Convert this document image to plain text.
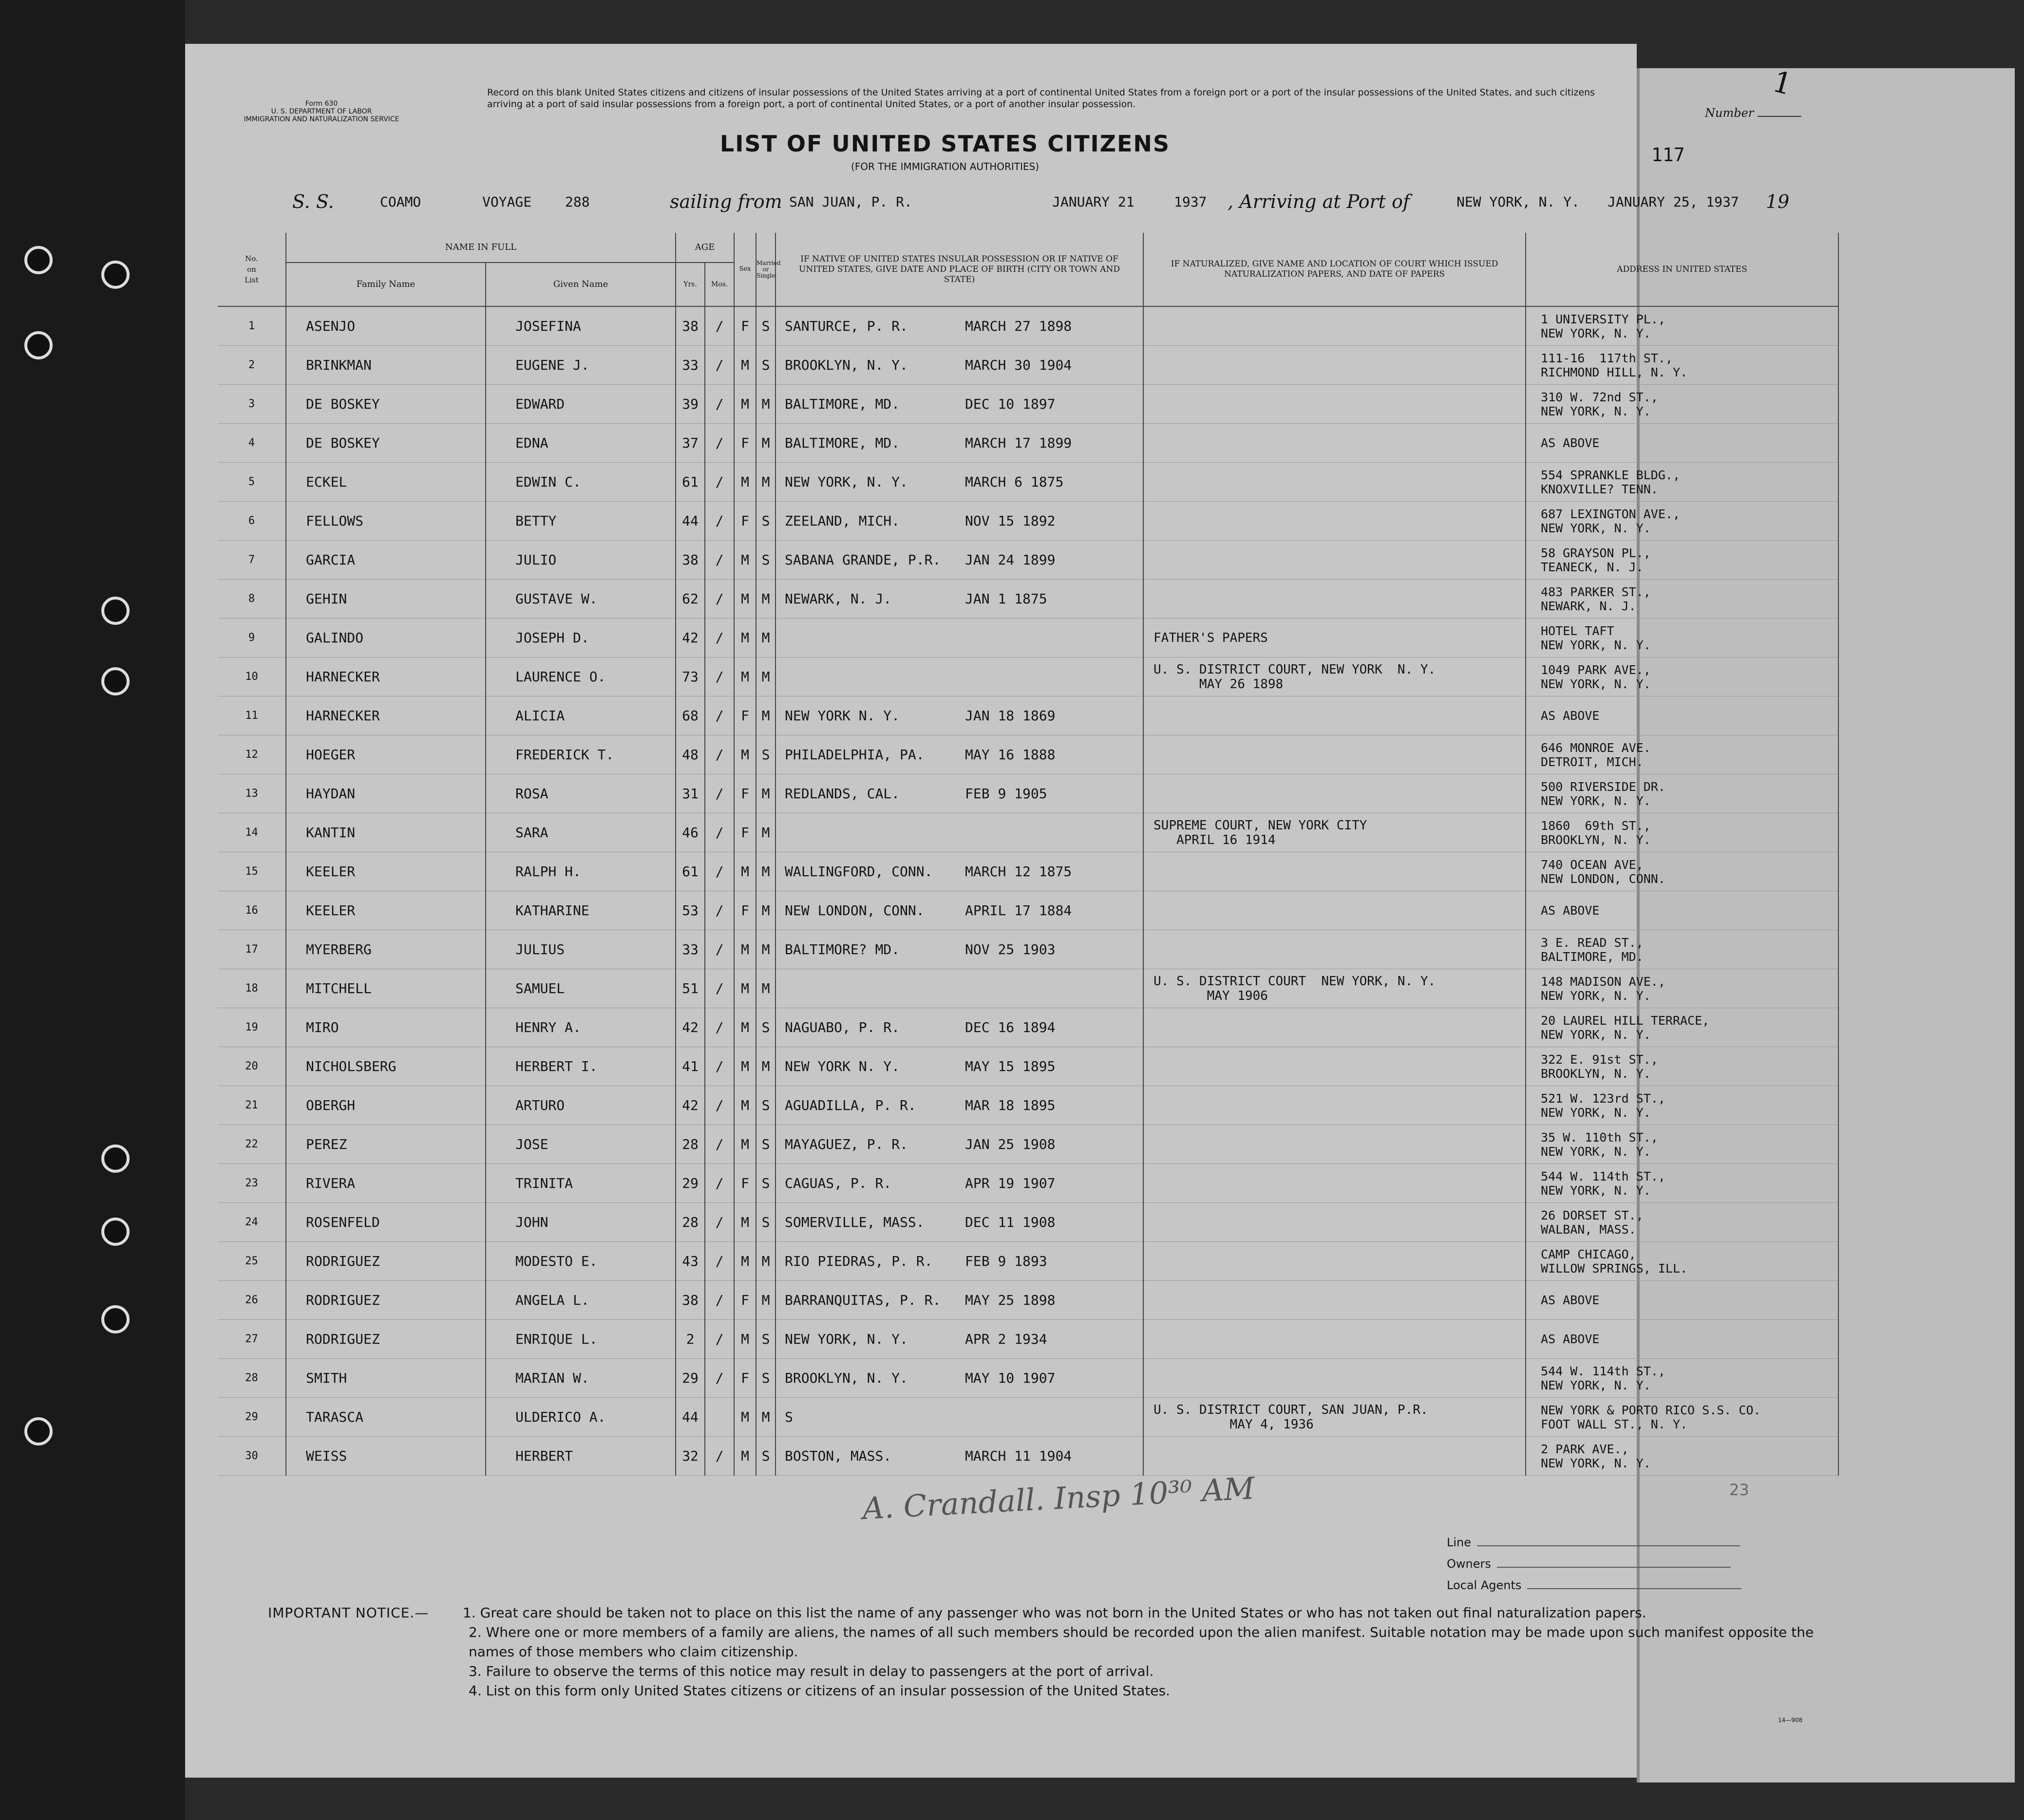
Form 630
U. S. DEPARTMENT OF LABOR
IMMIGRATION AND NATURALIZATION SERVICE
Record on this blank United States citizens and citizens of insular possessions of the United States arriving at a port of continental United States from a foreign port or a port of the insular possessions of the United States, and such citizens arriving at a port of said insular possessions from a foreign port, a port of continental United States, or a port of another insular possession.
Number
1
LIST OF UNITED STATES CITIZENS
(FOR THE IMMIGRATION AUTHORITIES)
117
S. S.	COAMO	VOYAGE 288	sailing from SAN JUAN, P. R.	JANUARY 21	1937 , Arriving at Port of	NEW YORK, N. Y. JANUARY 25, 1937 19
No.
on
List	NAME IN FULL		AGE		Sex	Married or Single	IF NATIVE OF UNITED STATES INSULAR POSSESSION OR IF NATIVE OF UNITED STATES, GIVE DATE AND PLACE OF BIRTH (CITY OR TOWN AND STATE)	IF NATURALIZED, GIVE NAME AND LOCATION OF COURT WHICH ISSUED NATURALIZATION PAPERS, AND DATE OF PAPERS	ADDRESS IN UNITED STATES
	Family Name	Given Name	Yrs.	Mos.					
1	ASENJO	JOSEFINA	38	/	F	S	SANTURCE, P. R. MARCH 27 1898		1 UNIVERSITY PL.,
NEW YORK, N. Y.
2	BRINKMAN	EUGENE J.	33	/	M	S	BROOKLYN, N. Y. MARCH 30 1904		111-16  117th ST.,
RICHMOND HILL, N. Y.
3	DE BOSKEY	EDWARD	39	/	M	M	BALTIMORE, MD. DEC 10 1897		310 W. 72nd ST.,
NEW YORK, N. Y.
4	DE BOSKEY	EDNA	37	/	F	M	BALTIMORE, MD. MARCH 17 1899		AS ABOVE
5	ECKEL	EDWIN C.	61	/	M	M	NEW YORK, N. Y. MARCH 6 1875		554 SPRANKLE BLDG.,
KNOXVILLE? TENN.
6	FELLOWS	BETTY	44	/	F	S	ZEELAND, MICH. NOV 15 1892		687 LEXINGTON AVE.,
NEW YORK, N. Y.
7	GARCIA	JULIO	38	/	M	S	SABANA GRANDE, P.R. JAN 24 1899		58 GRAYSON PL.,
TEANECK, N. J.
8	GEHIN	GUSTAVE W.	62	/	M	M	NEWARK, N. J. JAN 1 1875		483 PARKER ST.,
NEWARK, N. J.
9	GALINDO	JOSEPH D.	42	/	M	M		FATHER'S PAPERS	HOTEL TAFT
NEW YORK, N. Y.
10	HARNECKER	LAURENCE O.	73	/	M	M		U. S. DISTRICT COURT, NEW YORK  N. Y.
MAY 26 1898	1049 PARK AVE.,
NEW YORK, N. Y.
11	HARNECKER	ALICIA	68	/	F	M	NEW YORK N. Y. JAN 18 1869		AS ABOVE
12	HOEGER	FREDERICK T.	48	/	M	S	PHILADELPHIA, PA. MAY 16 1888		646 MONROE AVE.
DETROIT, MICH.
13	HAYDAN	ROSA	31	/	F	M	REDLANDS, CAL. FEB 9 1905		500 RIVERSIDE DR.
NEW YORK, N. Y.
14	KANTIN	SARA	46	/	F	M		SUPREME COURT, NEW YORK CITY
APRIL 16 1914	1860  69th ST.,
BROOKLYN, N. Y.
15	KEELER	RALPH H.	61	/	M	M	WALLINGFORD, CONN. MARCH 12 1875		740 OCEAN AVE,
NEW LONDON, CONN.
16	KEELER	KATHARINE	53	/	F	M	NEW LONDON, CONN. APRIL 17 1884		AS ABOVE
17	MYERBERG	JULIUS	33	/	M	M	BALTIMORE? MD. NOV 25 1903		3 E. READ ST.,
BALTIMORE, MD.
18	MITCHELL	SAMUEL	51	/	M	M		U. S. DISTRICT COURT  NEW YORK, N. Y.
MAY 1906	148 MADISON AVE.,
NEW YORK, N. Y.
19	MIRO	HENRY A.	42	/	M	S	NAGUABO, P. R. DEC 16 1894		20 LAUREL HILL TERRACE,
NEW YORK, N. Y.
20	NICHOLSBERG	HERBERT I.	41	/	M	M	NEW YORK N. Y. MAY 15 1895		322 E. 91st ST.,
BROOKLYN, N. Y.
21	OBERGH	ARTURO	42	/	M	S	AGUADILLA, P. R. MAR 18 1895		521 W. 123rd ST.,
NEW YORK, N. Y.
22	PEREZ	JOSE	28	/	M	S	MAYAGUEZ, P. R. JAN 25 1908		35 W. 110th ST.,
NEW YORK, N. Y.
23	RIVERA	TRINITA	29	/	F	S	CAGUAS, P. R. APR 19 1907		544 W. 114th ST.,
NEW YORK, N. Y.
24	ROSENFELD	JOHN	28	/	M	S	SOMERVILLE, MASS. DEC 11 1908		26 DORSET ST.,
WALBAN, MASS.
25	RODRIGUEZ	MODESTO E.	43	/	M	M	RIO PIEDRAS, P. R. FEB 9 1893		CAMP CHICAGO,
WILLOW SPRINGS, ILL.
26	RODRIGUEZ	ANGELA L.	38	/	F	M	BARRANQUITAS, P. R. MAY 25 1898		AS ABOVE
27	RODRIGUEZ	ENRIQUE L.	2	/	M	S	NEW YORK, N. Y. APR 2 1934		AS ABOVE
28	SMITH	MARIAN W.	29	/	F	S	BROOKLYN, N. Y. MAY 10 1907		544 W. 114th ST.,
NEW YORK, N. Y.
29	TARASCA	ULDERICO A.	44		M	M	S	U. S. DISTRICT COURT, SAN JUAN, P.R.
MAY 4, 1936	NEW YORK & PORTO RICO S.S. CO.
FOOT WALL ST., N. Y.
30	WEISS	HERBERT	32	/	M	S	BOSTON, MASS. MARCH 11 1904		2 PARK AVE.,
NEW YORK, N. Y.
A. Crandall. Insp 10³⁰ AM	23
Line
Owners
Local Agents
IMPORTANT NOTICE.—	1. Great care should be taken not to place on this list the name of any passenger who was not born in the United States or who has not taken out final naturalization papers.
2. Where one or more members of a family are aliens, the names of all such members should be recorded upon the alien manifest. Suitable notation may be made upon such manifest opposite the names of those members who claim citizenship.
3. Failure to observe the terms of this notice may result in delay to passengers at the port of arrival.
4. List on this form only United States citizens or citizens of an insular possession of the United States.
14—908
